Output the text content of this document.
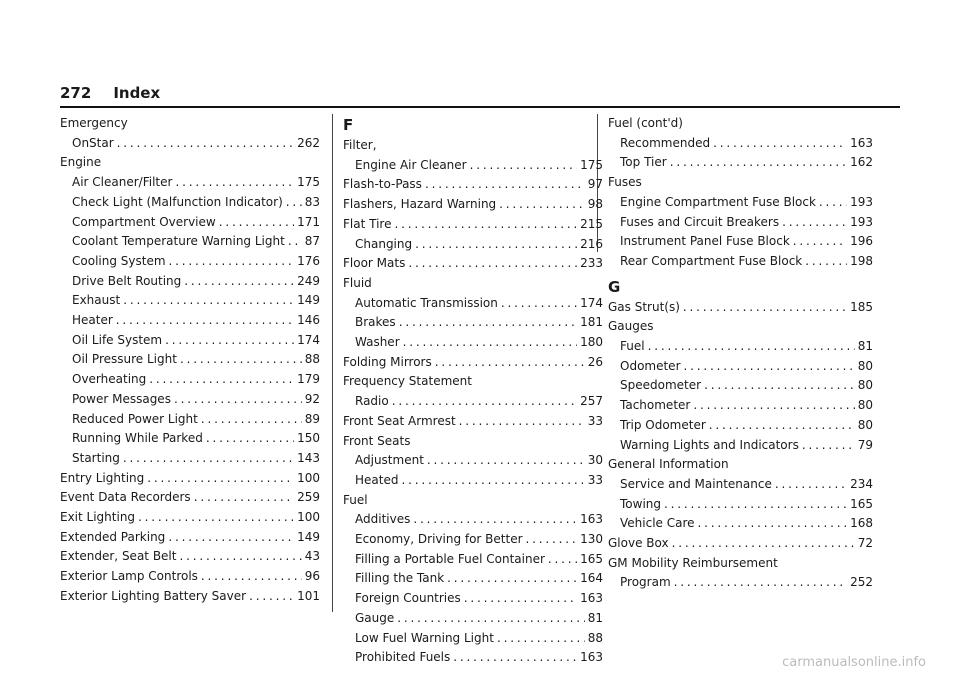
272 Index
Emergency
OnStar . . .	262
Engine
Air Cleaner/Filter . . .	175
Check Light (Malfunction Indicator) . . . 83
Compartment Overview . . .	171
Coolant Temperature Warning Light . . . 87
Cooling System . . .	176
Drive Belt Routing . . .	249
Exhaust . . .	149
Heater . . .	146
Oil Life System . . .	174
Oil Pressure Light . . .	88
Overheating . . .	179
Power Messages . . .	92
Reduced Power Light . . .	89
Running While Parked . . .	150
Starting . . .	143
Entry Lighting . . .	100
Event Data Recorders . . .	259
Exit Lighting . . .	100
Extended Parking . . .	149
Extender, Seat Belt . . .	43
Exterior Lamp Controls . . .	96
Exterior Lighting Battery Saver . . .	101
F
Filter,
Engine Air Cleaner . . .	175
Flash-to-Pass . . .	97
Flashers, Hazard Warning . . .	98
Flat Tire . . .	215
Changing . . .	216
Floor Mats . . .	233
Fluid
Automatic Transmission . . .	174
Brakes . . .	181
Washer . . .	180
Folding Mirrors . . .	26
Frequency Statement
Radio . . .	257
Front Seat Armrest . . .	33
Front Seats
Adjustment . . .	30
Heated . . .	33
Fuel
Additives . . .	163
Economy, Driving for Better . . .	130
Filling a Portable Fuel Container . . .	165
Filling the Tank . . .	164
Foreign Countries . . .	163
Gauge . . .	81
Low Fuel Warning Light . . .	88
Prohibited Fuels . . .	163
Fuel (cont'd)
Recommended . . .	163
Top Tier . . .	162
Fuses
Engine Compartment Fuse Block . . .	193
Fuses and Circuit Breakers . . .	193
Instrument Panel Fuse Block . . .	196
Rear Compartment Fuse Block . . .	198
G
Gas Strut(s) . . .	185
Gauges
Fuel . . .	81
Odometer . . .	80
Speedometer . . .	80
Tachometer . . .	80
Trip Odometer . . .	80
Warning Lights and Indicators . . .	79
General Information
Service and Maintenance . . .	234
Towing . . .	165
Vehicle Care . . .	168
Glove Box . . .	72
GM Mobility Reimbursement
Program . . .	252
carmanualsonline.info
